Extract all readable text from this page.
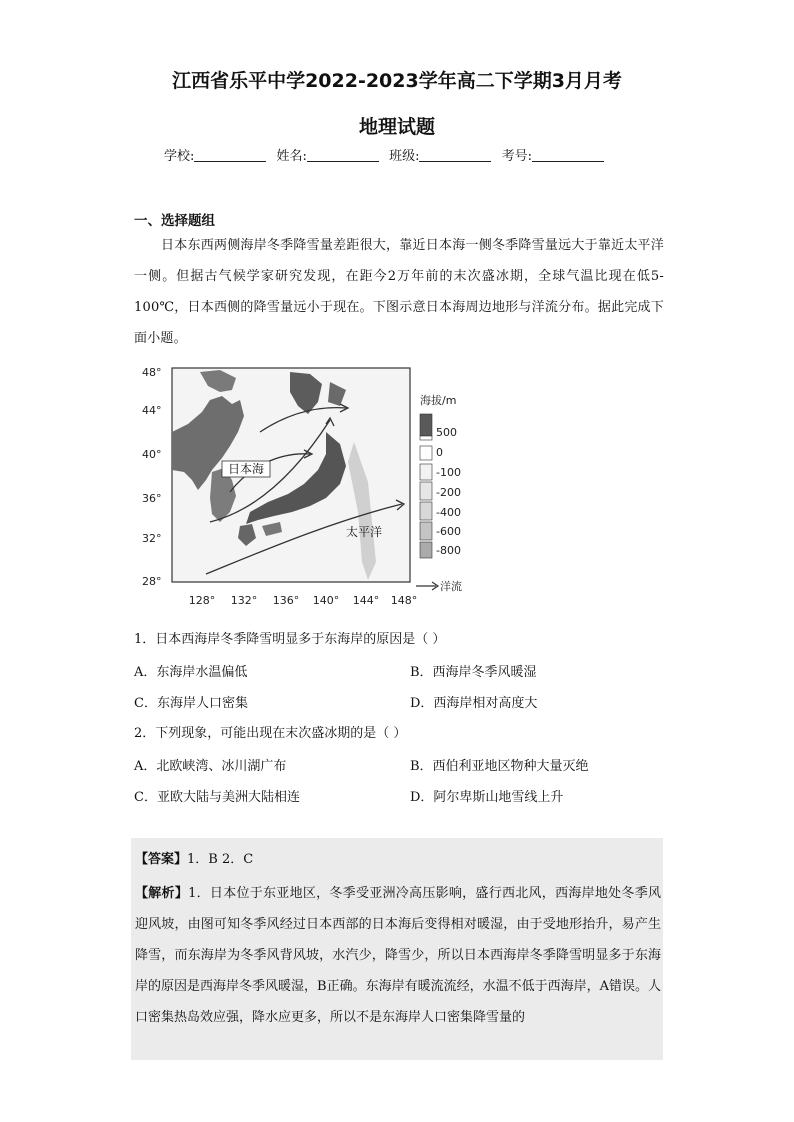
江西省乐平中学2022-2023学年高二下学期3月月考
地理试题
学校:	姓名:	班级:	考号:
一、选择题组
日本东西两侧海岸冬季降雪量差距很大，靠近日本海一侧冬季降雪量远大于靠近太平洋一侧。但据古气候学家研究发现，在距今2万年前的末次盛冰期，全球气温比现在低5-100℃，日本西侧的降雪量远小于现在。下图示意日本海周边地形与洋流分布。据此完成下面小题。
日本海
太平洋
48°
44°
40°
36°
32°
28°
128° 132° 136° 140° 144° 148°
海拔/m
500
0
-100
-200
-400
-600
-800
洋流
1．日本西海岸冬季降雪明显多于东海岸的原因是（ ）
A．东海岸水温偏低	B．西海岸冬季风暖湿
C．东海岸人口密集	D．西海岸相对高度大
2．下列现象，可能出现在末次盛冰期的是（ ）
A．北欧峡湾、冰川湖广布	B．西伯利亚地区物种大量灭绝
C．亚欧大陆与美洲大陆相连	D．阿尔卑斯山地雪线上升
【答案】1．B 2．C
【解析】1．日本位于东亚地区，冬季受亚洲冷高压影响，盛行西北风，西海岸地处冬季风迎风坡，由图可知冬季风经过日本西部的日本海后变得相对暖湿，由于受地形抬升，易产生降雪，而东海岸为冬季风背风坡，水汽少，降雪少，所以日本西海岸冬季降雪明显多于东海岸的原因是西海岸冬季风暖湿，B正确。东海岸有暖流流经，水温不低于西海岸，A错误。人口密集热岛效应强，降水应更多，所以不是东海岸人口密集降雪量的
